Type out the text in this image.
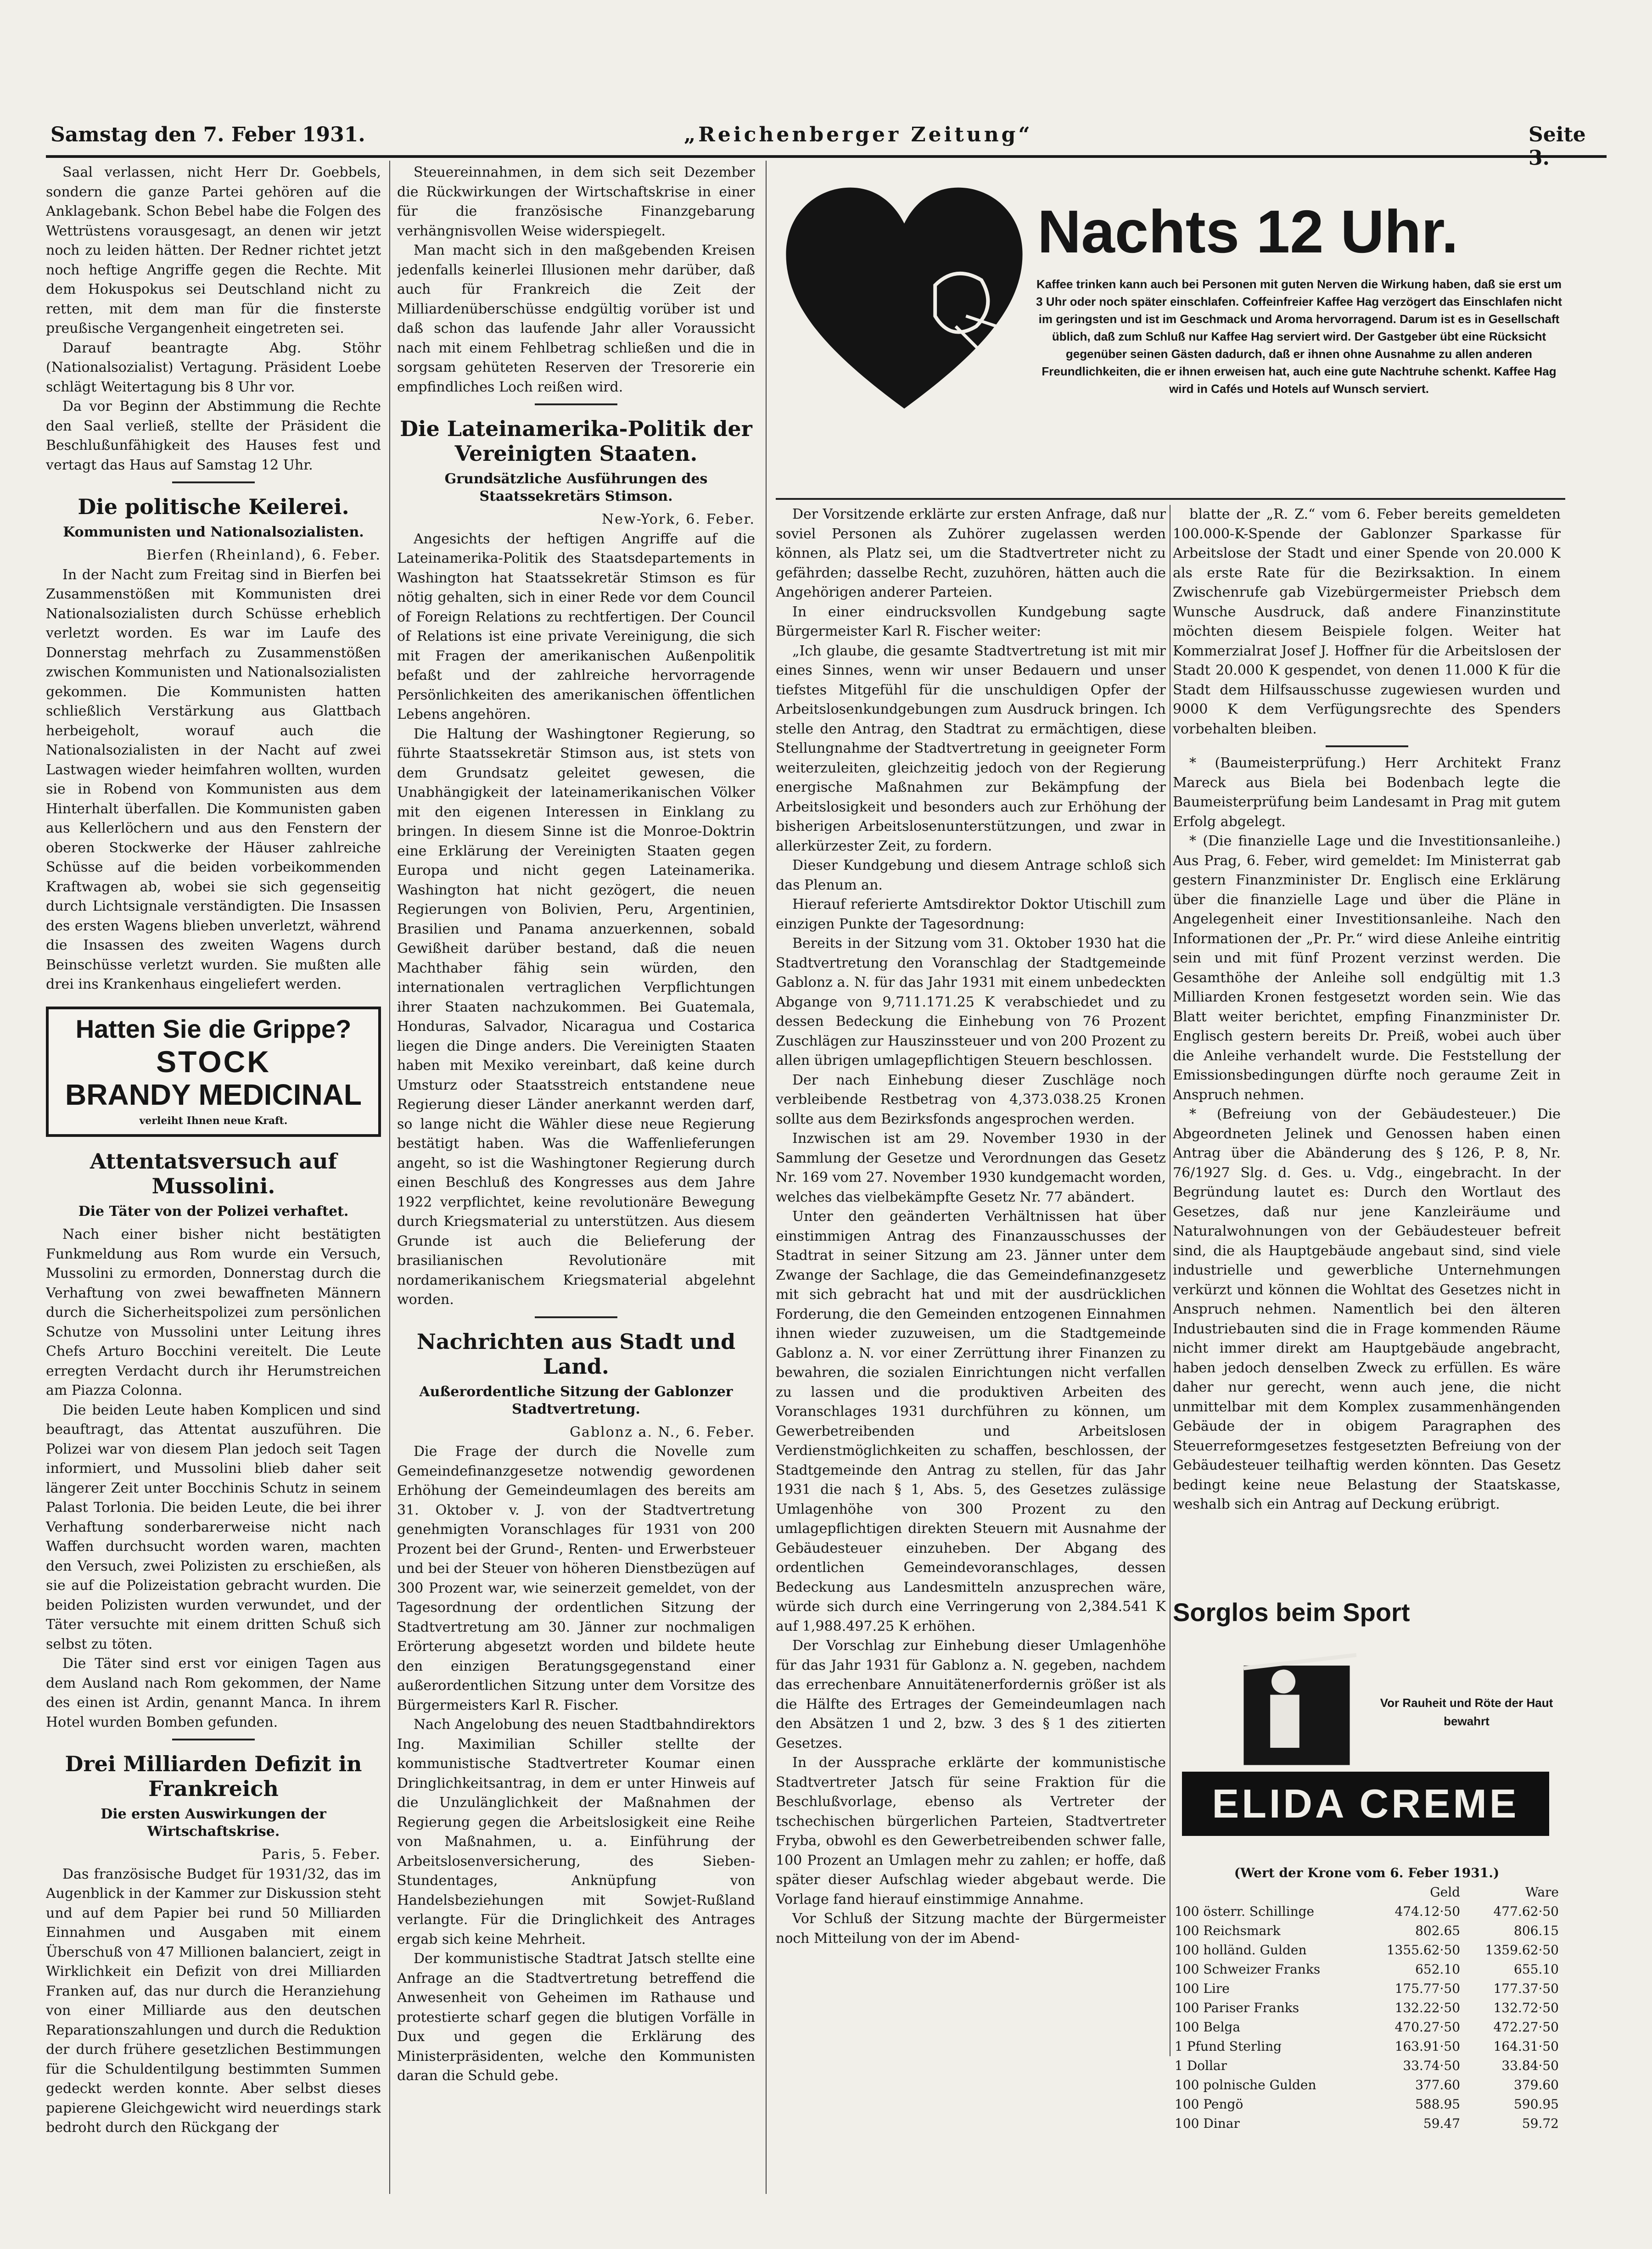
Samstag den 7. Feber 1931.	„Reichenberger Zeitung“	Seite 3.

Saal verlassen, nicht Herr Dr. Goebbels, sondern die ganze Partei gehören auf die Anklagebank. Schon Bebel habe die Folgen des Wettrüstens vorausgesagt, an denen wir jetzt noch zu leiden hätten. Der Redner richtet jetzt noch heftige Angriffe gegen die Rechte. Mit dem Hokuspokus sei Deutschland nicht zu retten, mit dem man für die finsterste preußische Vergangenheit eingetreten sei.

Darauf beantragte Abg. Stöhr (Nationalsozialist) Vertagung. Präsident Loebe schlägt Weitertagung bis 8 Uhr vor.

Da vor Beginn der Abstimmung die Rechte den Saal verließ, stellte der Präsident die Beschlußunfähigkeit des Hauses fest und vertagt das Haus auf Samstag 12 Uhr.

Die politische Keilerei.
Kommunisten und Nationalsozialisten.
Bierfen (Rheinland), 6. Feber.

In der Nacht zum Freitag sind in Bierfen bei Zusammenstößen mit Kommunisten drei Nationalsozialisten durch Schüsse erheblich verletzt worden. Es war im Laufe des Donnerstag mehrfach zu Zusammenstößen zwischen Kommunisten und Nationalsozialisten gekommen. Die Kommunisten hatten schließlich Verstärkung aus Glattbach herbeigeholt, worauf auch die Nationalsozialisten in der Nacht auf zwei Lastwagen wieder heimfahren wollten, wurden sie in Robend von Kommunisten aus dem Hinterhalt überfallen. Die Kommunisten gaben aus Kellerlöchern und aus den Fenstern der oberen Stockwerke der Häuser zahlreiche Schüsse auf die beiden vorbeikommenden Kraftwagen ab, wobei sie sich gegenseitig durch Lichtsignale verständigten. Die Insassen des ersten Wagens blieben unverletzt, während die Insassen des zweiten Wagens durch Beinschüsse verletzt wurden. Sie mußten alle drei ins Krankenhaus eingeliefert werden.

Hatten Sie die Grippe?
STOCK
BRANDY MEDICINAL
verleiht Ihnen neue Kraft.
Attentatsversuch auf Mussolini.
Die Täter von der Polizei verhaftet.

Nach einer bisher nicht bestätigten Funkmeldung aus Rom wurde ein Versuch, Mussolini zu ermorden, Donnerstag durch die Verhaftung von zwei bewaffneten Männern durch die Sicherheitspolizei zum persönlichen Schutze von Mussolini unter Leitung ihres Chefs Arturo Bocchini vereitelt. Die Leute erregten Verdacht durch ihr Herumstreichen am Piazza Colonna.

Die beiden Leute haben Komplicen und sind beauftragt, das Attentat auszuführen. Die Polizei war von diesem Plan jedoch seit Tagen informiert, und Mussolini blieb daher seit längerer Zeit unter Bocchinis Schutz in seinem Palast Torlonia. Die beiden Leute, die bei ihrer Verhaftung sonderbarerweise nicht nach Waffen durchsucht worden waren, machten den Versuch, zwei Polizisten zu erschießen, als sie auf die Polizeistation gebracht wurden. Die beiden Polizisten wurden verwundet, und der Täter versuchte mit einem dritten Schuß sich selbst zu töten.

Die Täter sind erst vor einigen Tagen aus dem Ausland nach Rom gekommen, der Name des einen ist Ardin, genannt Manca. In ihrem Hotel wurden Bomben gefunden.

Drei Milliarden Defizit in Frankreich
Die ersten Auswirkungen der Wirtschaftskrise.
Paris, 5. Feber.

Das französische Budget für 1931/32, das im Augenblick in der Kammer zur Diskussion steht und auf dem Papier bei rund 50 Milliarden Einnahmen und Ausgaben mit einem Überschuß von 47 Millionen balanciert, zeigt in Wirklichkeit ein Defizit von drei Milliarden Franken auf, das nur durch die Heranziehung von einer Milliarde aus den deutschen Reparationszahlungen und durch die Reduktion der durch frühere gesetzlichen Bestimmungen für die Schuldentilgung bestimmten Summen gedeckt werden konnte. Aber selbst dieses papierene Gleichgewicht wird neuerdings stark bedroht durch den Rückgang der

Steuereinnahmen, in dem sich seit Dezember die Rückwirkungen der Wirtschaftskrise in einer für die französische Finanzgebarung verhängnisvollen Weise widerspiegelt.

Man macht sich in den maßgebenden Kreisen jedenfalls keinerlei Illusionen mehr darüber, daß auch für Frankreich die Zeit der Milliardenüberschüsse endgültig vorüber ist und daß schon das laufende Jahr aller Voraussicht nach mit einem Fehlbetrag schließen und die in sorgsam gehüteten Reserven der Tresorerie ein empfindliches Loch reißen wird.

Die Lateinamerika-Politik der Vereinigten Staaten.
Grundsätzliche Ausführungen des Staatssekretärs Stimson.
New-York, 6. Feber.

Angesichts der heftigen Angriffe auf die Lateinamerika-Politik des Staatsdepartements in Washington hat Staatssekretär Stimson es für nötig gehalten, sich in einer Rede vor dem Council of Foreign Relations zu rechtfertigen. Der Council of Relations ist eine private Vereinigung, die sich mit Fragen der amerikanischen Außenpolitik befaßt und der zahlreiche hervorragende Persönlichkeiten des amerikanischen öffentlichen Lebens angehören.

Die Haltung der Washingtoner Regierung, so führte Staatssekretär Stimson aus, ist stets von dem Grundsatz geleitet gewesen, die Unabhängigkeit der lateinamerikanischen Völker mit den eigenen Interessen in Einklang zu bringen. In diesem Sinne ist die Monroe-Doktrin eine Erklärung der Vereinigten Staaten gegen Europa und nicht gegen Lateinamerika. Washington hat nicht gezögert, die neuen Regierungen von Bolivien, Peru, Argentinien, Brasilien und Panama anzuerkennen, sobald Gewißheit darüber bestand, daß die neuen Machthaber fähig sein würden, den internationalen vertraglichen Verpflichtungen ihrer Staaten nachzukommen. Bei Guatemala, Honduras, Salvador, Nicaragua und Costarica liegen die Dinge anders. Die Vereinigten Staaten haben mit Mexiko vereinbart, daß keine durch Umsturz oder Staatsstreich entstandene neue Regierung dieser Länder anerkannt werden darf, so lange nicht die Wähler diese neue Regierung bestätigt haben. Was die Waffenlieferungen angeht, so ist die Washingtoner Regierung durch einen Beschluß des Kongresses aus dem Jahre 1922 verpflichtet, keine revolutionäre Bewegung durch Kriegsmaterial zu unterstützen. Aus diesem Grunde ist auch die Belieferung der brasilianischen Revolutionäre mit nordamerikanischem Kriegsmaterial abgelehnt worden.

Nachrichten aus Stadt und Land.
Außerordentliche Sitzung der Gablonzer Stadtvertretung.
Gablonz a. N., 6. Feber.

Die Frage der durch die Novelle zum Gemeindefinanzgesetze notwendig gewordenen Erhöhung der Gemeindeumlagen des bereits am 31. Oktober v. J. von der Stadtvertretung genehmigten Voranschlages für 1931 von 200 Prozent bei der Grund-, Renten- und Erwerbsteuer und bei der Steuer von höheren Dienstbezügen auf 300 Prozent war, wie seinerzeit gemeldet, von der Tagesordnung der ordentlichen Sitzung der Stadtvertretung am 30. Jänner zur nochmaligen Erörterung abgesetzt worden und bildete heute den einzigen Beratungsgegenstand einer außerordentlichen Sitzung unter dem Vorsitze des Bürgermeisters Karl R. Fischer.

Nach Angelobung des neuen Stadtbahndirektors Ing. Maximilian Schiller stellte der kommunistische Stadtvertreter Koumar einen Dringlichkeitsantrag, in dem er unter Hinweis auf die Unzulänglichkeit der Maßnahmen der Regierung gegen die Arbeitslosigkeit eine Reihe von Maßnahmen, u. a. Einführung der Arbeitslosenversicherung, des Sieben-Stundentages, Anknüpfung von Handelsbeziehungen mit Sowjet-Rußland verlangte. Für die Dringlichkeit des Antrages ergab sich keine Mehrheit.

Der kommunistische Stadtrat Jatsch stellte eine Anfrage an die Stadtvertretung betreffend die Anwesenheit von Geheimen im Rathause und protestierte scharf gegen die blutigen Vorfälle in Dux und gegen die Erklärung des Ministerpräsidenten, welche den Kommunisten daran die Schuld gebe.

Nachts 12 Uhr.
Kaffee trinken kann auch bei Personen mit guten Nerven die Wirkung haben, daß sie erst um 3 Uhr oder noch später einschlafen. Coffeinfreier Kaffee Hag verzögert das Einschlafen nicht im geringsten und ist im Geschmack und Aroma hervorragend. Darum ist es in Gesellschaft üblich, daß zum Schluß nur Kaffee Hag serviert wird. Der Gastgeber übt eine Rücksicht gegenüber seinen Gästen dadurch, daß er ihnen ohne Ausnahme zu allen anderen Freundlichkeiten, die er ihnen erweisen hat, auch eine gute Nachtruhe schenkt. Kaffee Hag wird in Cafés und Hotels auf Wunsch serviert.

Der Vorsitzende erklärte zur ersten Anfrage, daß nur soviel Personen als Zuhörer zugelassen werden können, als Platz sei, um die Stadtvertreter nicht zu gefährden; dasselbe Recht, zuzuhören, hätten auch die Angehörigen anderer Parteien.

In einer eindrucksvollen Kundgebung sagte Bürgermeister Karl R. Fischer weiter:

„Ich glaube, die gesamte Stadtvertretung ist mit mir eines Sinnes, wenn wir unser Bedauern und unser tiefstes Mitgefühl für die unschuldigen Opfer der Arbeitslosenkundgebungen zum Ausdruck bringen. Ich stelle den Antrag, den Stadtrat zu ermächtigen, diese Stellungnahme der Stadtvertretung in geeigneter Form weiterzuleiten, gleichzeitig jedoch von der Regierung energische Maßnahmen zur Bekämpfung der Arbeitslosigkeit und besonders auch zur Erhöhung der bisherigen Arbeitslosenunterstützungen, und zwar in allerkürzester Zeit, zu fordern.

Dieser Kundgebung und diesem Antrage schloß sich das Plenum an.

Hierauf referierte Amtsdirektor Doktor Utischill zum einzigen Punkte der Tagesordnung:

Bereits in der Sitzung vom 31. Oktober 1930 hat die Stadtvertretung den Voranschlag der Stadtgemeinde Gablonz a. N. für das Jahr 1931 mit einem unbedeckten Abgange von 9,711.171.25 K verabschiedet und zu dessen Bedeckung die Einhebung von 76 Prozent Zuschlägen zur Hauszinssteuer und von 200 Prozent zu allen übrigen umlagepflichtigen Steuern beschlossen.

Der nach Einhebung dieser Zuschläge noch verbleibende Restbetrag von 4,373.038.25 Kronen sollte aus dem Bezirksfonds angesprochen werden.

Inzwischen ist am 29. November 1930 in der Sammlung der Gesetze und Verordnungen das Gesetz Nr. 169 vom 27. November 1930 kundgemacht worden, welches das vielbekämpfte Gesetz Nr. 77 abändert.

Unter den geänderten Verhältnissen hat über einstimmigen Antrag des Finanzausschusses der Stadtrat in seiner Sitzung am 23. Jänner unter dem Zwange der Sachlage, die das Gemeindefinanzgesetz mit sich gebracht hat und mit der ausdrücklichen Forderung, die den Gemeinden entzogenen Einnahmen ihnen wieder zuzuweisen, um die Stadtgemeinde Gablonz a. N. vor einer Zerrüttung ihrer Finanzen zu bewahren, die sozialen Einrichtungen nicht verfallen zu lassen und die produktiven Arbeiten des Voranschlages 1931 durchführen zu können, um Gewerbetreibenden und Arbeitslosen Verdienstmöglichkeiten zu schaffen, beschlossen, der Stadtgemeinde den Antrag zu stellen, für das Jahr 1931 die nach § 1, Abs. 5, des Gesetzes zulässige Umlagenhöhe von 300 Prozent zu den umlagepflichtigen direkten Steuern mit Ausnahme der Gebäudesteuer einzuheben. Der Abgang des ordentlichen Gemeindevoranschlages, dessen Bedeckung aus Landesmitteln anzusprechen wäre, würde sich durch eine Verringerung von 2,384.541 K auf 1,988.497.25 K erhöhen.

Der Vorschlag zur Einhebung dieser Umlagenhöhe für das Jahr 1931 für Gablonz a. N. gegeben, nachdem das errechenbare Annuitätenerfordernis größer ist als die Hälfte des Ertrages der Gemeindeumlagen nach den Absätzen 1 und 2, bzw. 3 des § 1 des zitierten Gesetzes.

In der Aussprache erklärte der kommunistische Stadtvertreter Jatsch für seine Fraktion für die Beschlußvorlage, ebenso als Vertreter der tschechischen bürgerlichen Parteien, Stadtvertreter Fryba, obwohl es den Gewerbetreibenden schwer falle, 100 Prozent an Umlagen mehr zu zahlen; er hoffe, daß später dieser Aufschlag wieder abgebaut werde. Die Vorlage fand hierauf einstimmige Annahme.

Vor Schluß der Sitzung machte der Bürgermeister noch Mitteilung von der im Abend-

blatte der „R. Z.“ vom 6. Feber bereits gemeldeten 100.000-K-Spende der Gablonzer Sparkasse für Arbeitslose der Stadt und einer Spende von 20.000 K als erste Rate für die Bezirksaktion. In einem Zwischenrufe gab Vizebürgermeister Priebsch dem Wunsche Ausdruck, daß andere Finanzinstitute möchten diesem Beispiele folgen. Weiter hat Kommerzialrat Josef J. Hoffner für die Arbeitslosen der Stadt 20.000 K gespendet, von denen 11.000 K für die Stadt dem Hilfsausschusse zugewiesen wurden und 9000 K dem Verfügungsrechte des Spenders vorbehalten bleiben.

* (Baumeisterprüfung.) Herr Architekt Franz Mareck aus Biela bei Bodenbach legte die Baumeisterprüfung beim Landesamt in Prag mit gutem Erfolg abgelegt.

* (Die finanzielle Lage und die Investitionsanleihe.) Aus Prag, 6. Feber, wird gemeldet: Im Ministerrat gab gestern Finanzminister Dr. Englisch eine Erklärung über die finanzielle Lage und über die Pläne in Angelegenheit einer Investitionsanleihe. Nach den Informationen der „Pr. Pr.“ wird diese Anleihe eintritig sein und mit fünf Prozent verzinst werden. Die Gesamthöhe der Anleihe soll endgültig mit 1.3 Milliarden Kronen festgesetzt worden sein. Wie das Blatt weiter berichtet, empfing Finanzminister Dr. Englisch gestern bereits Dr. Preiß, wobei auch über die Anleihe verhandelt wurde. Die Feststellung der Emissionsbedingungen dürfte noch geraume Zeit in Anspruch nehmen.

* (Befreiung von der Gebäudesteuer.) Die Abgeordneten Jelinek und Genossen haben einen Antrag über die Abänderung des § 126, P. 8, Nr. 76/1927 Slg. d. Ges. u. Vdg., eingebracht. In der Begründung lautet es: Durch den Wortlaut des Gesetzes, daß nur jene Kanzleiräume und Naturalwohnungen von der Gebäudesteuer befreit sind, die als Hauptgebäude angebaut sind, sind viele industrielle und gewerbliche Unternehmungen verkürzt und können die Wohltat des Gesetzes nicht in Anspruch nehmen. Namentlich bei den älteren Industriebauten sind die in Frage kommenden Räume nicht immer direkt am Hauptgebäude angebracht, haben jedoch denselben Zweck zu erfüllen. Es wäre daher nur gerecht, wenn auch jene, die nicht unmittelbar mit dem Komplex zusammenhängenden Gebäude der in obigem Paragraphen des Steuerreformgesetzes festgesetzten Befreiung von der Gebäudesteuer teilhaftig werden könnten. Das Gesetz bedingt keine neue Belastung der Staatskasse, weshalb sich ein Antrag auf Deckung erübrigt.

Sorglos beim Sport
Vor Rauheit und Röte der Haut bewahrt
ELIDA CREME
(Wert der Krone vom 6. Feber 1931.)
	Geld	Ware
100 österr. Schillinge	474.12·50	477.62·50
100 Reichsmark	802.65	806.15
100 holländ. Gulden	1355.62·50	1359.62·50
100 Schweizer Franks	652.10	655.10
100 Lire	175.77·50	177.37·50
100 Pariser Franks	132.22·50	132.72·50
100 Belga	470.27·50	472.27·50
1 Pfund Sterling	163.91·50	164.31·50
1 Dollar	33.74·50	33.84·50
100 polnische Gulden	377.60	379.60
100 Pengö	588.95	590.95
100 Dinar	59.47	59.72
